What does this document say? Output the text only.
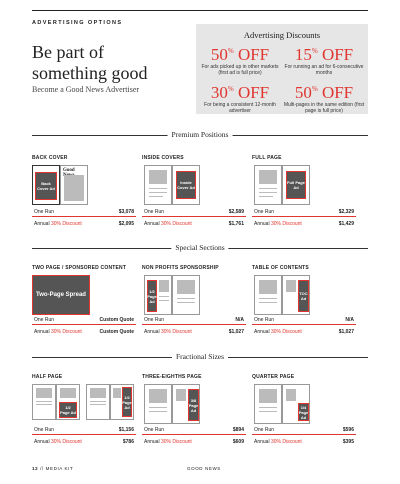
ADVERTISING OPTIONS
Be part of something good
Become a Good News Advertiser
Advertising Discounts
50% OFF
For ads picked up in other markets (first ad is full price)
15% OFF
For running an ad for 6-consecutive months
30% OFF
For being a consistent 12-month advertiser
50% OFF
Multi-pages in the same edition (first page is full price)
Premium Positions
BACK COVER
Back Cover Ad
Good
INSIDE COVERS
Inside Cover Ad
FULL PAGE
Full Page Ad
One Run	$3,078
Annual 30% Discount	$2,095
One Run	$2,589
Annual 30% Discount	$1,761
One Run	$2,329
Annual 30% Discount	$1,429
Special Sections
TWO PAGE / SPONSORED CONTENT
Two-Page Spread
NON PROFITS SPONSORSHIP
1/2 Page Ad
TABLE OF CONTENTS
TOC Ad
One Run	Custom Quote
Annual 30% Discount	Custom Quote
One Run	N/A
Annual 30% Discount	$1,027
One Run	N/A
Annual 30% Discount	$1,027
Fractional Sizes
HALF PAGE
1/2 Page Ad
1/2 Page Ad
THREE-EIGHTHS PAGE
3/8 Page Ad
QUARTER PAGE
1/4 Page Ad
One Run	$1,156
Annual 30% Discount	$786
One Run	$894
Annual 30% Discount	$609
One Run	$596
Annual 30% Discount	$395
12 // MEDIA KIT	GOOD NEWS
